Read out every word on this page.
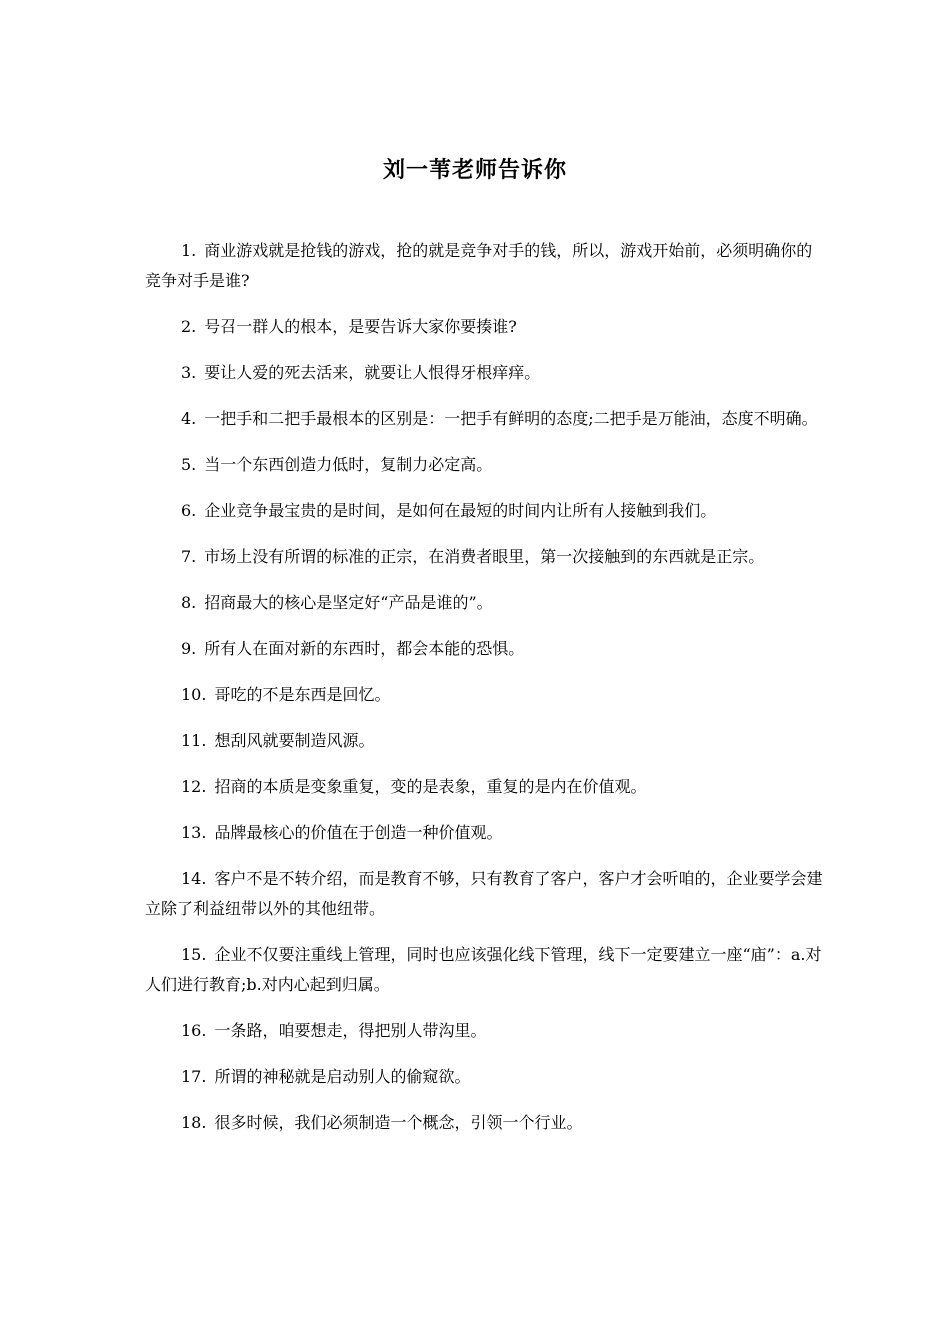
刘一苇老师告诉你
1. 商业游戏就是抢钱的游戏，抢的就是竞争对手的钱，所以，游戏开始前，必须明确你的竞争对手是谁?
2. 号召一群人的根本，是要告诉大家你要揍谁?
3. 要让人爱的死去活来，就要让人恨得牙根痒痒。
4. 一把手和二把手最根本的区别是：一把手有鲜明的态度;二把手是万能油，态度不明确。
5. 当一个东西创造力低时，复制力必定高。
6. 企业竞争最宝贵的是时间，是如何在最短的时间内让所有人接触到我们。
7. 市场上没有所谓的标准的正宗，在消费者眼里，第一次接触到的东西就是正宗。
8. 招商最大的核心是坚定好“产品是谁的”。
9. 所有人在面对新的东西时，都会本能的恐惧。
10. 哥吃的不是东西是回忆。
11. 想刮风就要制造风源。
12. 招商的本质是变象重复，变的是表象，重复的是内在价值观。
13. 品牌最核心的价值在于创造一种价值观。
14. 客户不是不转介绍，而是教育不够，只有教育了客户，客户才会听咱的，企业要学会建立除了利益纽带以外的其他纽带。
15. 企业不仅要注重线上管理，同时也应该强化线下管理，线下一定要建立一座“庙”：a.对人们进行教育;b.对内心起到归属。
16. 一条路，咱要想走，得把别人带沟里。
17. 所谓的神秘就是启动别人的偷窥欲。
18. 很多时候，我们必须制造一个概念，引领一个行业。
